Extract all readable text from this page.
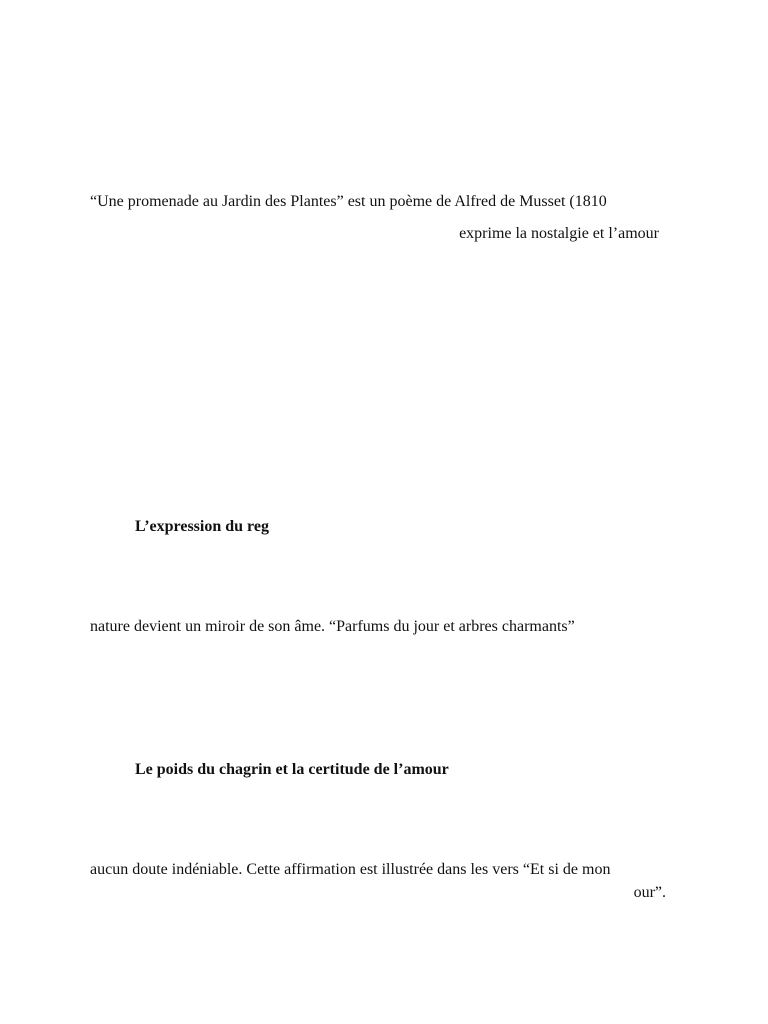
“Une promenade au Jardin des Plantes” est un poème de Alfred de Musset (1810
exprime la nostalgie et l’amour
L’expression du reg
nature devient un miroir de son âme. “Parfums du jour et arbres charmants”
Le poids du chagrin et la certitude de l’amour
aucun doute indéniable. Cette affirmation est illustrée dans les vers “Et si de mon
our”.
